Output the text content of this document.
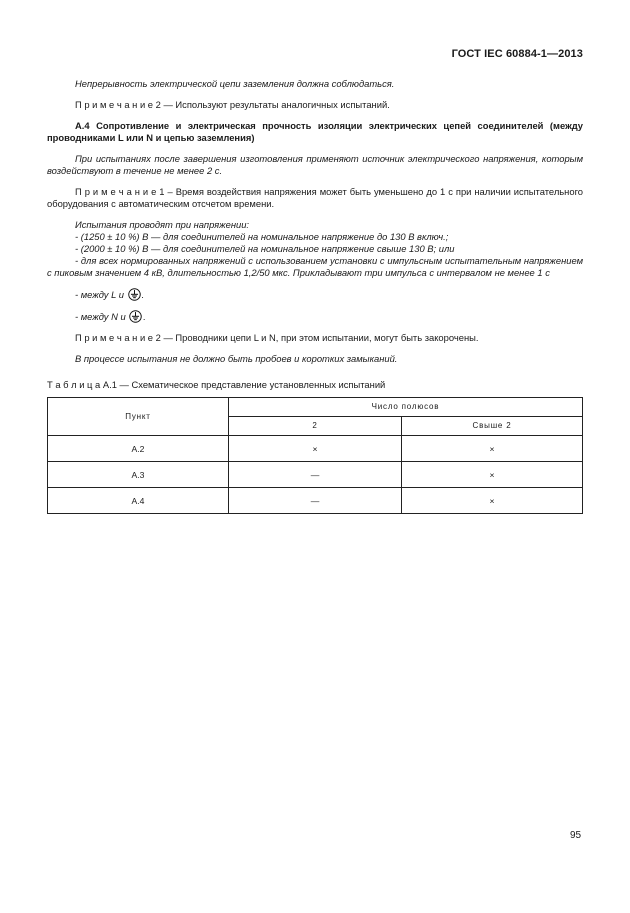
ГОСТ IEC 60884-1—2013

Непрерывность электрической цепи заземления должна соблюдаться.

П р и м е ч а н и е 2 — Используют результаты аналогичных испытаний.

А.4 Сопротивление и электрическая прочность изоляции электрических цепей соединителей (между проводниками L или N и цепью заземления)

При испытаниях после завершения изготовления применяют источник электрического напряжения, которым воздействуют в течение не менее 2 с.

П р и м е ч а н и е 1 – Время воздействия напряжения может быть уменьшено до 1 с при наличии испытательного оборудования с автоматическим отсчетом времени.

Испытания проводят при напряжении:
- (1250 ± 10 %) В — для соединителей на номинальное напряжение до 130 В включ.;
- (2000 ± 10 %) В — для соединителей на номинальное напряжение свыше 130 В; или
- для всех нормированных напряжений с использованием установки с импульсным испытательным напряжением с пиковым значением 4 кВ, длительностью 1,2/50 мкс. Прикладывают три импульса с интервалом не менее 1 с

- между L и .

- между N и .

П р и м е ч а н и е 2 — Проводники цепи L и N, при этом испытании, могут быть закорочены.

В процессе испытания не должно быть пробоев и коротких замыканий.

Т а б л и ц а А.1 — Схематическое представление установленных испытаний
Пункт	Число полюсов	
	2	Свыше 2
А.2	×	×
А.3	—	×
А.4	—	×
95
